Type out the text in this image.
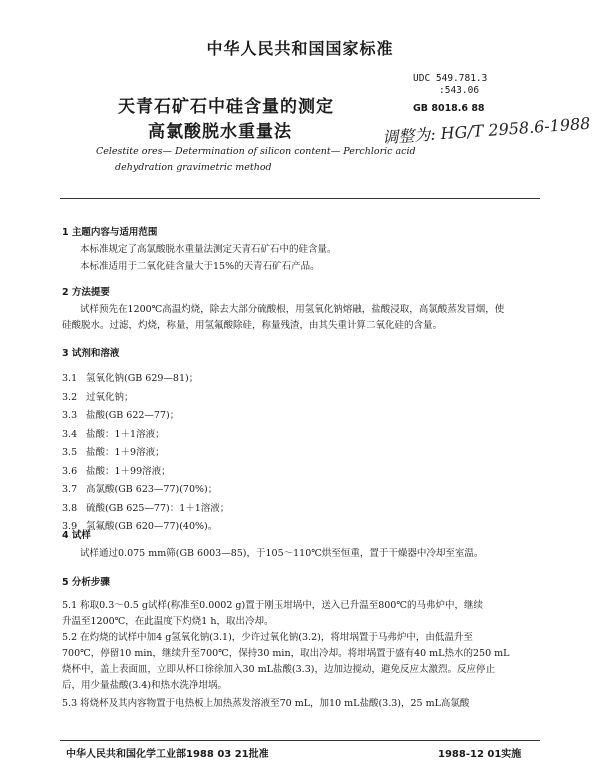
中华人民共和国国家标准
UDC 549.781.3
:543.06
GB 8018.6 88
调整为: HG/T 2958.6-1988
天青石矿石中硅含量的测定
高氯酸脱水重量法
Celestite ores— Determination of silicon content— Perchloric acid
dehydration gravimetric method
1 主题内容与适用范围
本标准规定了高氯酸脱水重量法测定天青石矿石中的硅含量。
本标准适用于二氧化硅含量大于15%的天青石矿石产品。
2 方法提要
试样预先在1200℃高温灼烧，除去大部分硫酸根，用氢氧化钠熔融，盐酸浸取，高氯酸蒸发冒烟，使
硅酸脱水。过滤，灼烧，称量，用氢氟酸除硅，称量残渣，由其失重计算二氧化硅的含量。
3 试剂和溶液
3.1 氢氧化钠(GB 629—81)；
3.2 过氧化钠；
3.3 盐酸(GB 622—77)；
3.4 盐酸：1＋1溶液；
3.5 盐酸：1＋9溶液；
3.6 盐酸：1＋99溶液；
3.7 高氯酸(GB 623—77)(70%)；
3.8 硫酸(GB 625—77)：1＋1溶液；
3.9 氢氟酸(GB 620—77)(40%)。
4 试样
试样通过0.075 mm筛(GB 6003—85)，于105～110℃烘至恒重，置于干燥器中冷却至室温。
5 分析步骤
5.1 称取0.3～0.5 g试样(称准至0.0002 g)置于刚玉坩埚中，送入已升温至800℃的马弗炉中，继续
升温至1200℃，在此温度下灼烧1 h，取出冷却。
5.2 在灼烧的试样中加4 g氢氧化钠(3.1)，少许过氧化钠(3.2)，将坩埚置于马弗炉中，由低温升至
700℃，停留10 min，继续升至700℃，保持30 min，取出冷却。将坩埚置于盛有40 mL热水的250 mL
烧杯中，盖上表面皿，立即从杯口徐徐加入30 mL盐酸(3.3)，边加边搅动，避免反应太激烈。反应停止
后，用少量盐酸(3.4)和热水洗净坩埚。
5.3 将烧杯及其内容物置于电热板上加热蒸发溶液至70 mL，加10 mL盐酸(3.3)，25 mL高氯酸
中华人民共和国化学工业部1988 03 21批准	1988-12 01实施
